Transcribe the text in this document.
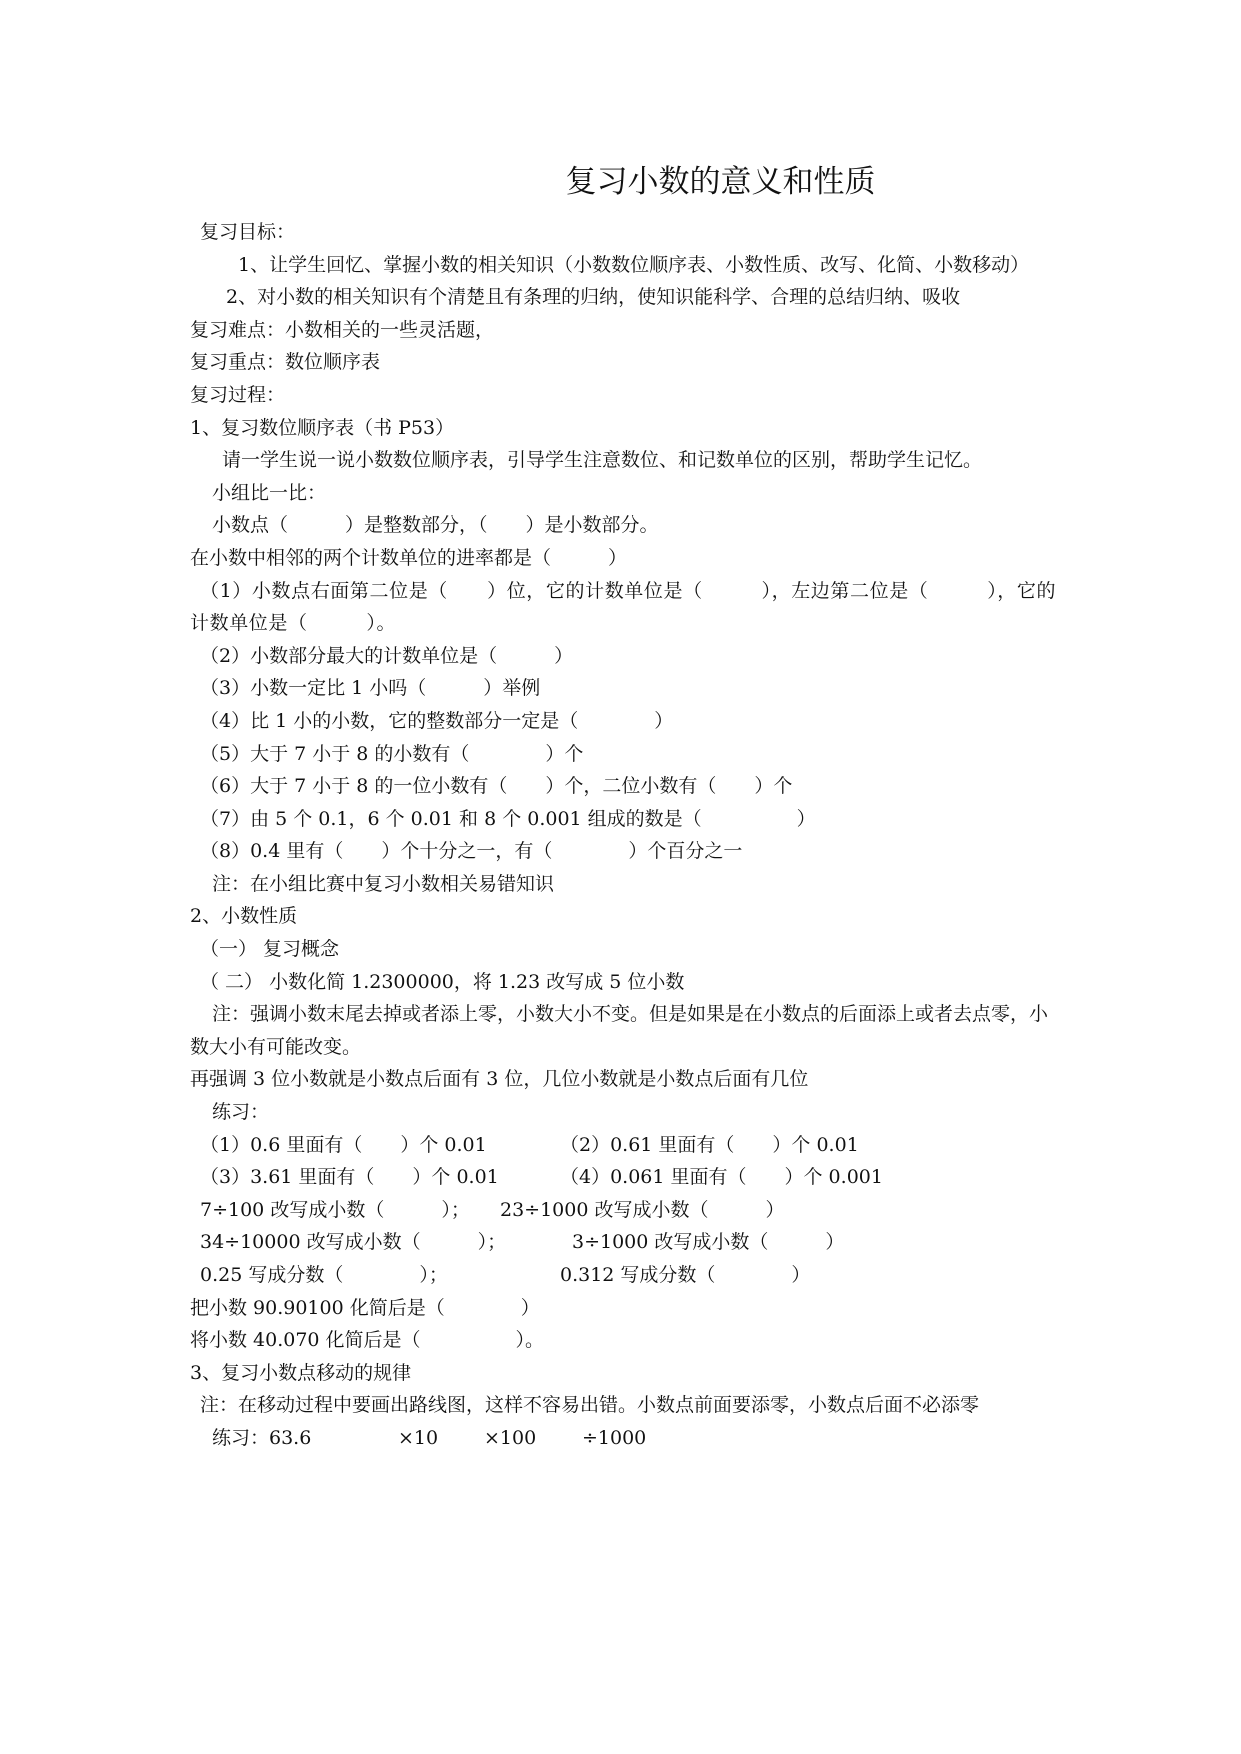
复习小数的意义和性质
复习目标：
1、让学生回忆、掌握小数的相关知识（小数数位顺序表、小数性质、改写、化简、小数移动）
2、对小数的相关知识有个清楚且有条理的归纳，使知识能科学、合理的总结归纳、吸收
复习难点：小数相关的一些灵活题，
复习重点：数位顺序表
复习过程：
1、复习数位顺序表（书 P53）
请一学生说一说小数数位顺序表，引导学生注意数位、和记数单位的区别，帮助学生记忆。
小组比一比：
小数点（　　　）是整数部分，（　　）是小数部分。
在小数中相邻的两个计数单位的进率都是（　　　）
（1）小数点右面第二位是（　　）位，它的计数单位是（　　　），左边第二位是（　　　），它的计数单位是（　　　）。
（2）小数部分最大的计数单位是（　　　）
（3）小数一定比 1 小吗（　　　）举例
（4）比 1 小的小数，它的整数部分一定是（　　　　）
（5）大于 7 小于 8 的小数有（　　　　）个
（6）大于 7 小于 8 的一位小数有（　　）个，二位小数有（　　）个
（7）由 5 个 0.1，6 个 0.01 和 8 个 0.001 组成的数是（　　　　　）
（8）0.4 里有（　　）个十分之一，有（　　　　）个百分之一
注：在小组比赛中复习小数相关易错知识
2、小数性质
（一） 复习概念
（ 二） 小数化简 1.2300000，将 1.23 改写成 5 位小数
注：强调小数末尾去掉或者添上零，小数大小不变。但是如果是在小数点的后面添上或者去点零，小数大小有可能改变。
再强调 3 位小数就是小数点后面有 3 位，几位小数就是小数点后面有几位
练习：
（1）0.6 里面有（　　）个 0.01	（2）0.61 里面有（　　）个 0.01
（3）3.61 里面有（　　）个 0.01	（4）0.061 里面有（　　）个 0.001
7÷100 改写成小数（　　　）； 23÷1000 改写成小数（　　　）
34÷10000 改写成小数（　　　）；	3÷1000 改写成小数（　　　）
0.25 写成分数（　　　　）；	0.312 写成分数（　　　　）
把小数 90.90100 化简后是（　　　　）
将小数 40.070 化简后是（　　　　　）。
3、复习小数点移动的规律
注：在移动过程中要画出路线图，这样不容易出错。小数点前面要添零，小数点后面不必添零
练习：63.6	×10 ×100 ÷1000
